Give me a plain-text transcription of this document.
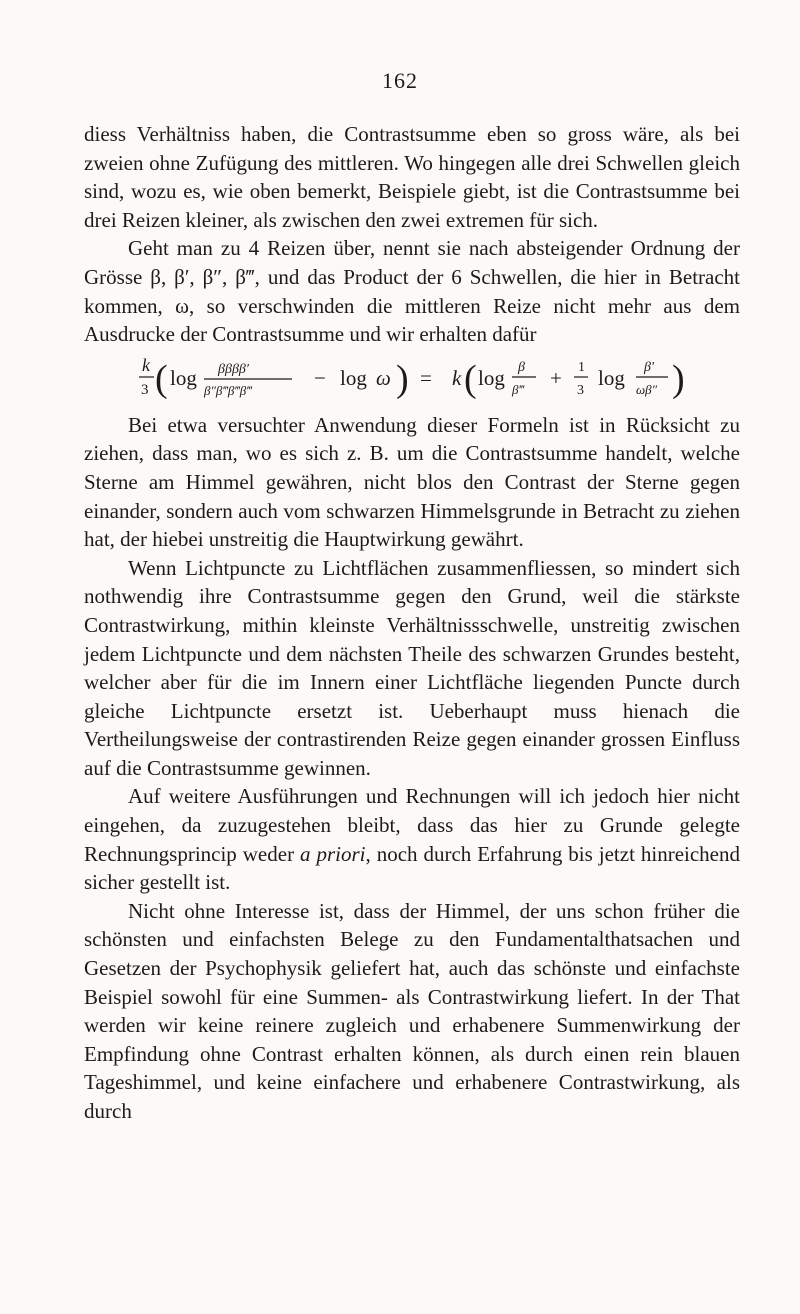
162

diess Verhältniss haben, die Contrastsumme eben so gross wäre, als bei zweien ohne Zufügung des mittleren. Wo hingegen alle drei Schwellen gleich sind, wozu es, wie oben bemerkt, Beispiele giebt, ist die Contrastsumme bei drei Reizen kleiner, als zwischen den zwei extremen für sich.

Geht man zu 4 Reizen über, nennt sie nach absteigender Ordnung der Grösse β, β′, β″, β‴, und das Product der 6 Schwellen, die hier in Betracht kommen, ω, so verschwinden die mittleren Reize nicht mehr aus dem Ausdrucke der Contrastsumme und wir erhalten dafür

k
3 ( log ββββ′
β″β‴β‴β‴
− log ω ) = k ( log β
β‴ + 1
3
log β′
ωβ″ )

Bei etwa versuchter Anwendung dieser Formeln ist in Rücksicht zu ziehen, dass man, wo es sich z. B. um die Contrastsumme handelt, welche Sterne am Himmel gewähren, nicht blos den Contrast der Sterne gegen einander, sondern auch vom schwarzen Himmelsgrunde in Betracht zu ziehen hat, der hiebei unstreitig die Hauptwirkung gewährt.

Wenn Lichtpuncte zu Lichtflächen zusammenfliessen, so mindert sich nothwendig ihre Contrastsumme gegen den Grund, weil die stärkste Contrastwirkung, mithin kleinste Verhältnissschwelle, unstreitig zwischen jedem Lichtpuncte und dem nächsten Theile des schwarzen Grundes besteht, welcher aber für die im Innern einer Lichtfläche liegenden Puncte durch gleiche Lichtpuncte ersetzt ist. Ueberhaupt muss hienach die Vertheilungsweise der contrastirenden Reize gegen einander grossen Einfluss auf die Contrastsumme gewinnen.

Auf weitere Ausführungen und Rechnungen will ich jedoch hier nicht eingehen, da zuzugestehen bleibt, dass das hier zu Grunde gelegte Rechnungsprincip weder a priori, noch durch Erfahrung bis jetzt hinreichend sicher gestellt ist.

Nicht ohne Interesse ist, dass der Himmel, der uns schon früher die schönsten und einfachsten Belege zu den Fundamentalthatsachen und Gesetzen der Psychophysik geliefert hat, auch das schönste und einfachste Beispiel sowohl für eine Summen- als Contrastwirkung liefert. In der That werden wir keine reinere zugleich und erhabenere Summenwirkung der Empfindung ohne Contrast erhalten können, als durch einen rein blauen Tageshimmel, und keine einfachere und erhabenere Contrastwirkung, als durch
